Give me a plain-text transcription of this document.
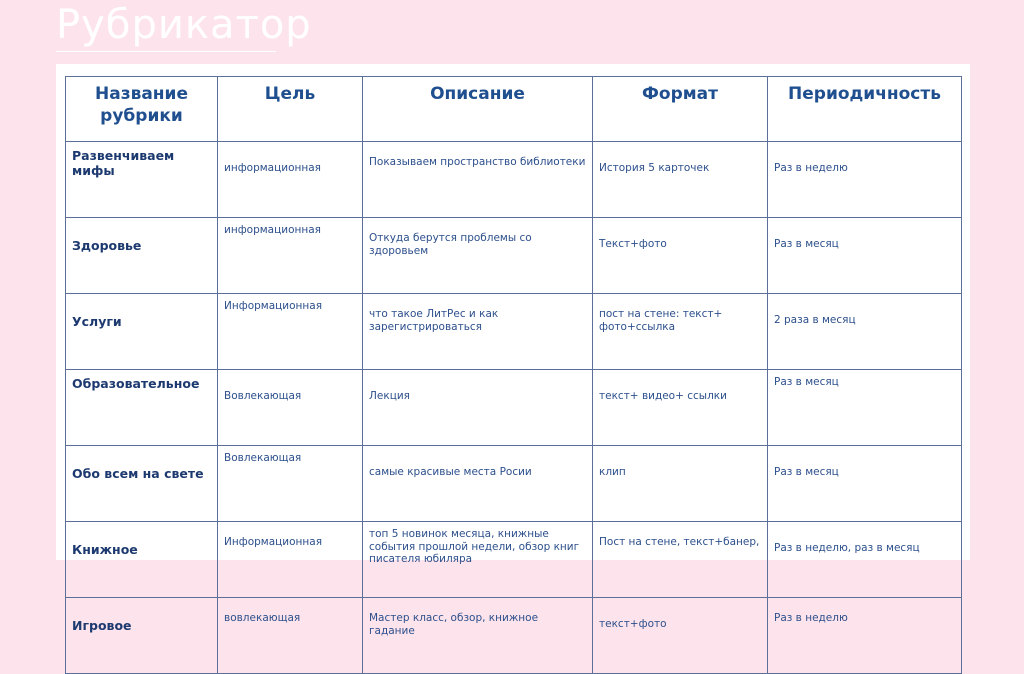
Рубрикатор
Название рубрики	Цель	Описание	Формат	Периодичность
Развенчиваем мифы	информационная	Показываем пространство библиотеки	История 5 карточек	Раз в неделю
Здоровье	информационная	Откуда берутся проблемы со здоровьем	Текст+фото	Раз в месяц
Услуги	Информационная	что такое ЛитРес и как зарегистрироваться	пост на стене: текст+ фото+ссылка	2 раза в месяц
Образовательное	Вовлекающая	Лекция	текст+ видео+ ссылки	Раз в месяц
Обо всем на свете	Вовлекающая	самые красивые места Росии	клип	Раз в месяц
Книжное	Информационная	топ 5 новинок месяца, книжные события прошлой недели, обзор книг писателя юбиляра	Пост на стене, текст+банер,	Раз в неделю, раз в месяц
Игровое	вовлекающая	Мастер класс, обзор, книжное гадание	текст+фото	Раз в неделю
